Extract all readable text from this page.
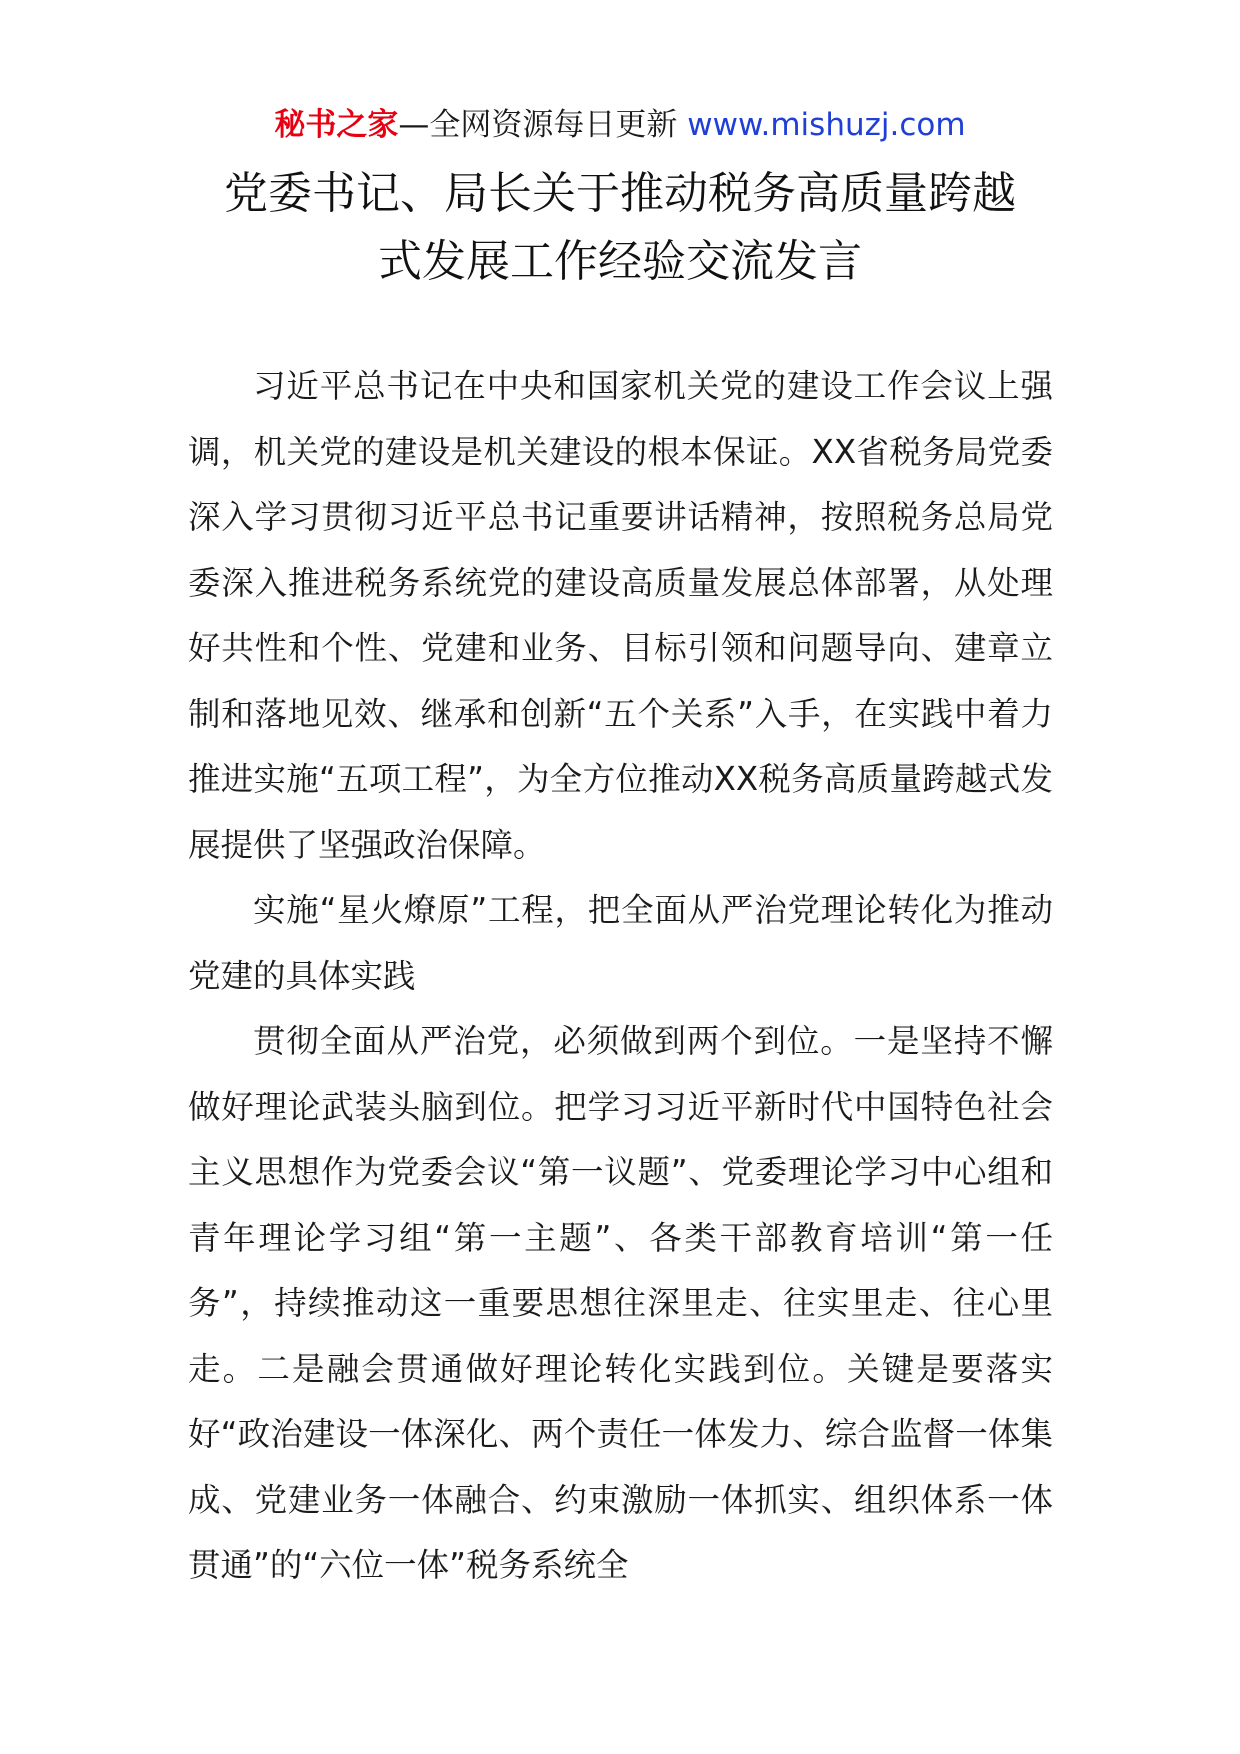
秘书之家—全网资源每日更新 www.mishuzj.com
党委书记、局长关于推动税务高质量跨越
式发展工作经验交流发言

习近平总书记在中央和国家机关党的建设工作会议上强调，机关党的建设是机关建设的根本保证。XX省税务局党委深入学习贯彻习近平总书记重要讲话精神，按照税务总局党委深入推进税务系统党的建设高质量发展总体部署，从处理好共性和个性、党建和业务、目标引领和问题导向、建章立制和落地见效、继承和创新“五个关系”入手，在实践中着力推进实施“五项工程”，为全方位推动XX税务高质量跨越式发展提供了坚强政治保障。

实施“星火燎原”工程，把全面从严治党理论转化为推动党建的具体实践

贯彻全面从严治党，必须做到两个到位。一是坚持不懈做好理论武装头脑到位。把学习习近平新时代中国特色社会主义思想作为党委会议“第一议题”、党委理论学习中心组和青年理论学习组“第一主题”、各类干部教育培训“第一任务”，持续推动这一重要思想往深里走、往实里走、往心里走。二是融会贯通做好理论转化实践到位。关键是要落实好“政治建设一体深化、两个责任一体发力、综合监督一体集成、党建业务一体融合、约束激励一体抓实、组织体系一体贯通”的“六位一体”税务系统全
